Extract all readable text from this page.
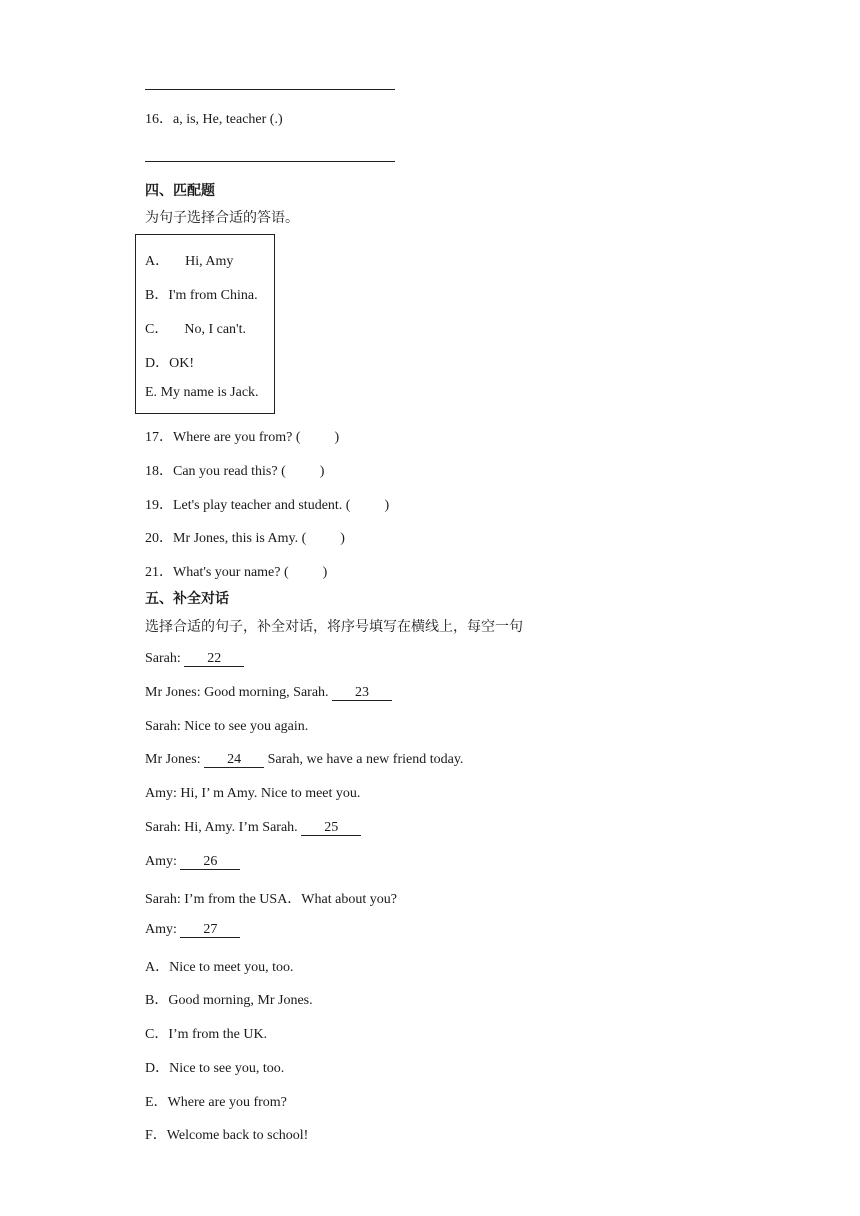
16．a, is, He, teacher (.)
四、匹配题
为句子选择合适的答语。
A． Hi, Amy
B．I'm from China.
C． No, I can't.
D．OK!
E. My name is Jack.
17．Where are you from? ( )
18．Can you read this? ( )
19．Let's play teacher and student. ( )
20．Mr Jones, this is Amy. ( )
21．What's your name? ( )
五、补全对话
选择合适的句子，补全对话，将序号填写在横线上，每空一句
Sarah: 22
Mr Jones: Good morning, Sarah. 23
Sarah: Nice to see you again.
Mr Jones: 24 Sarah, we have a new friend today.
Amy: Hi, I’ m Amy. Nice to meet you.
Sarah: Hi, Amy. I’m Sarah. 25
Amy: 26
Sarah: I’m from the USA．What about you?
Amy: 27
A．Nice to meet you, too.
B．Good morning, Mr Jones.
C．I’m from the UK.
D．Nice to see you, too.
E．Where are you from?
F．Welcome back to school!
